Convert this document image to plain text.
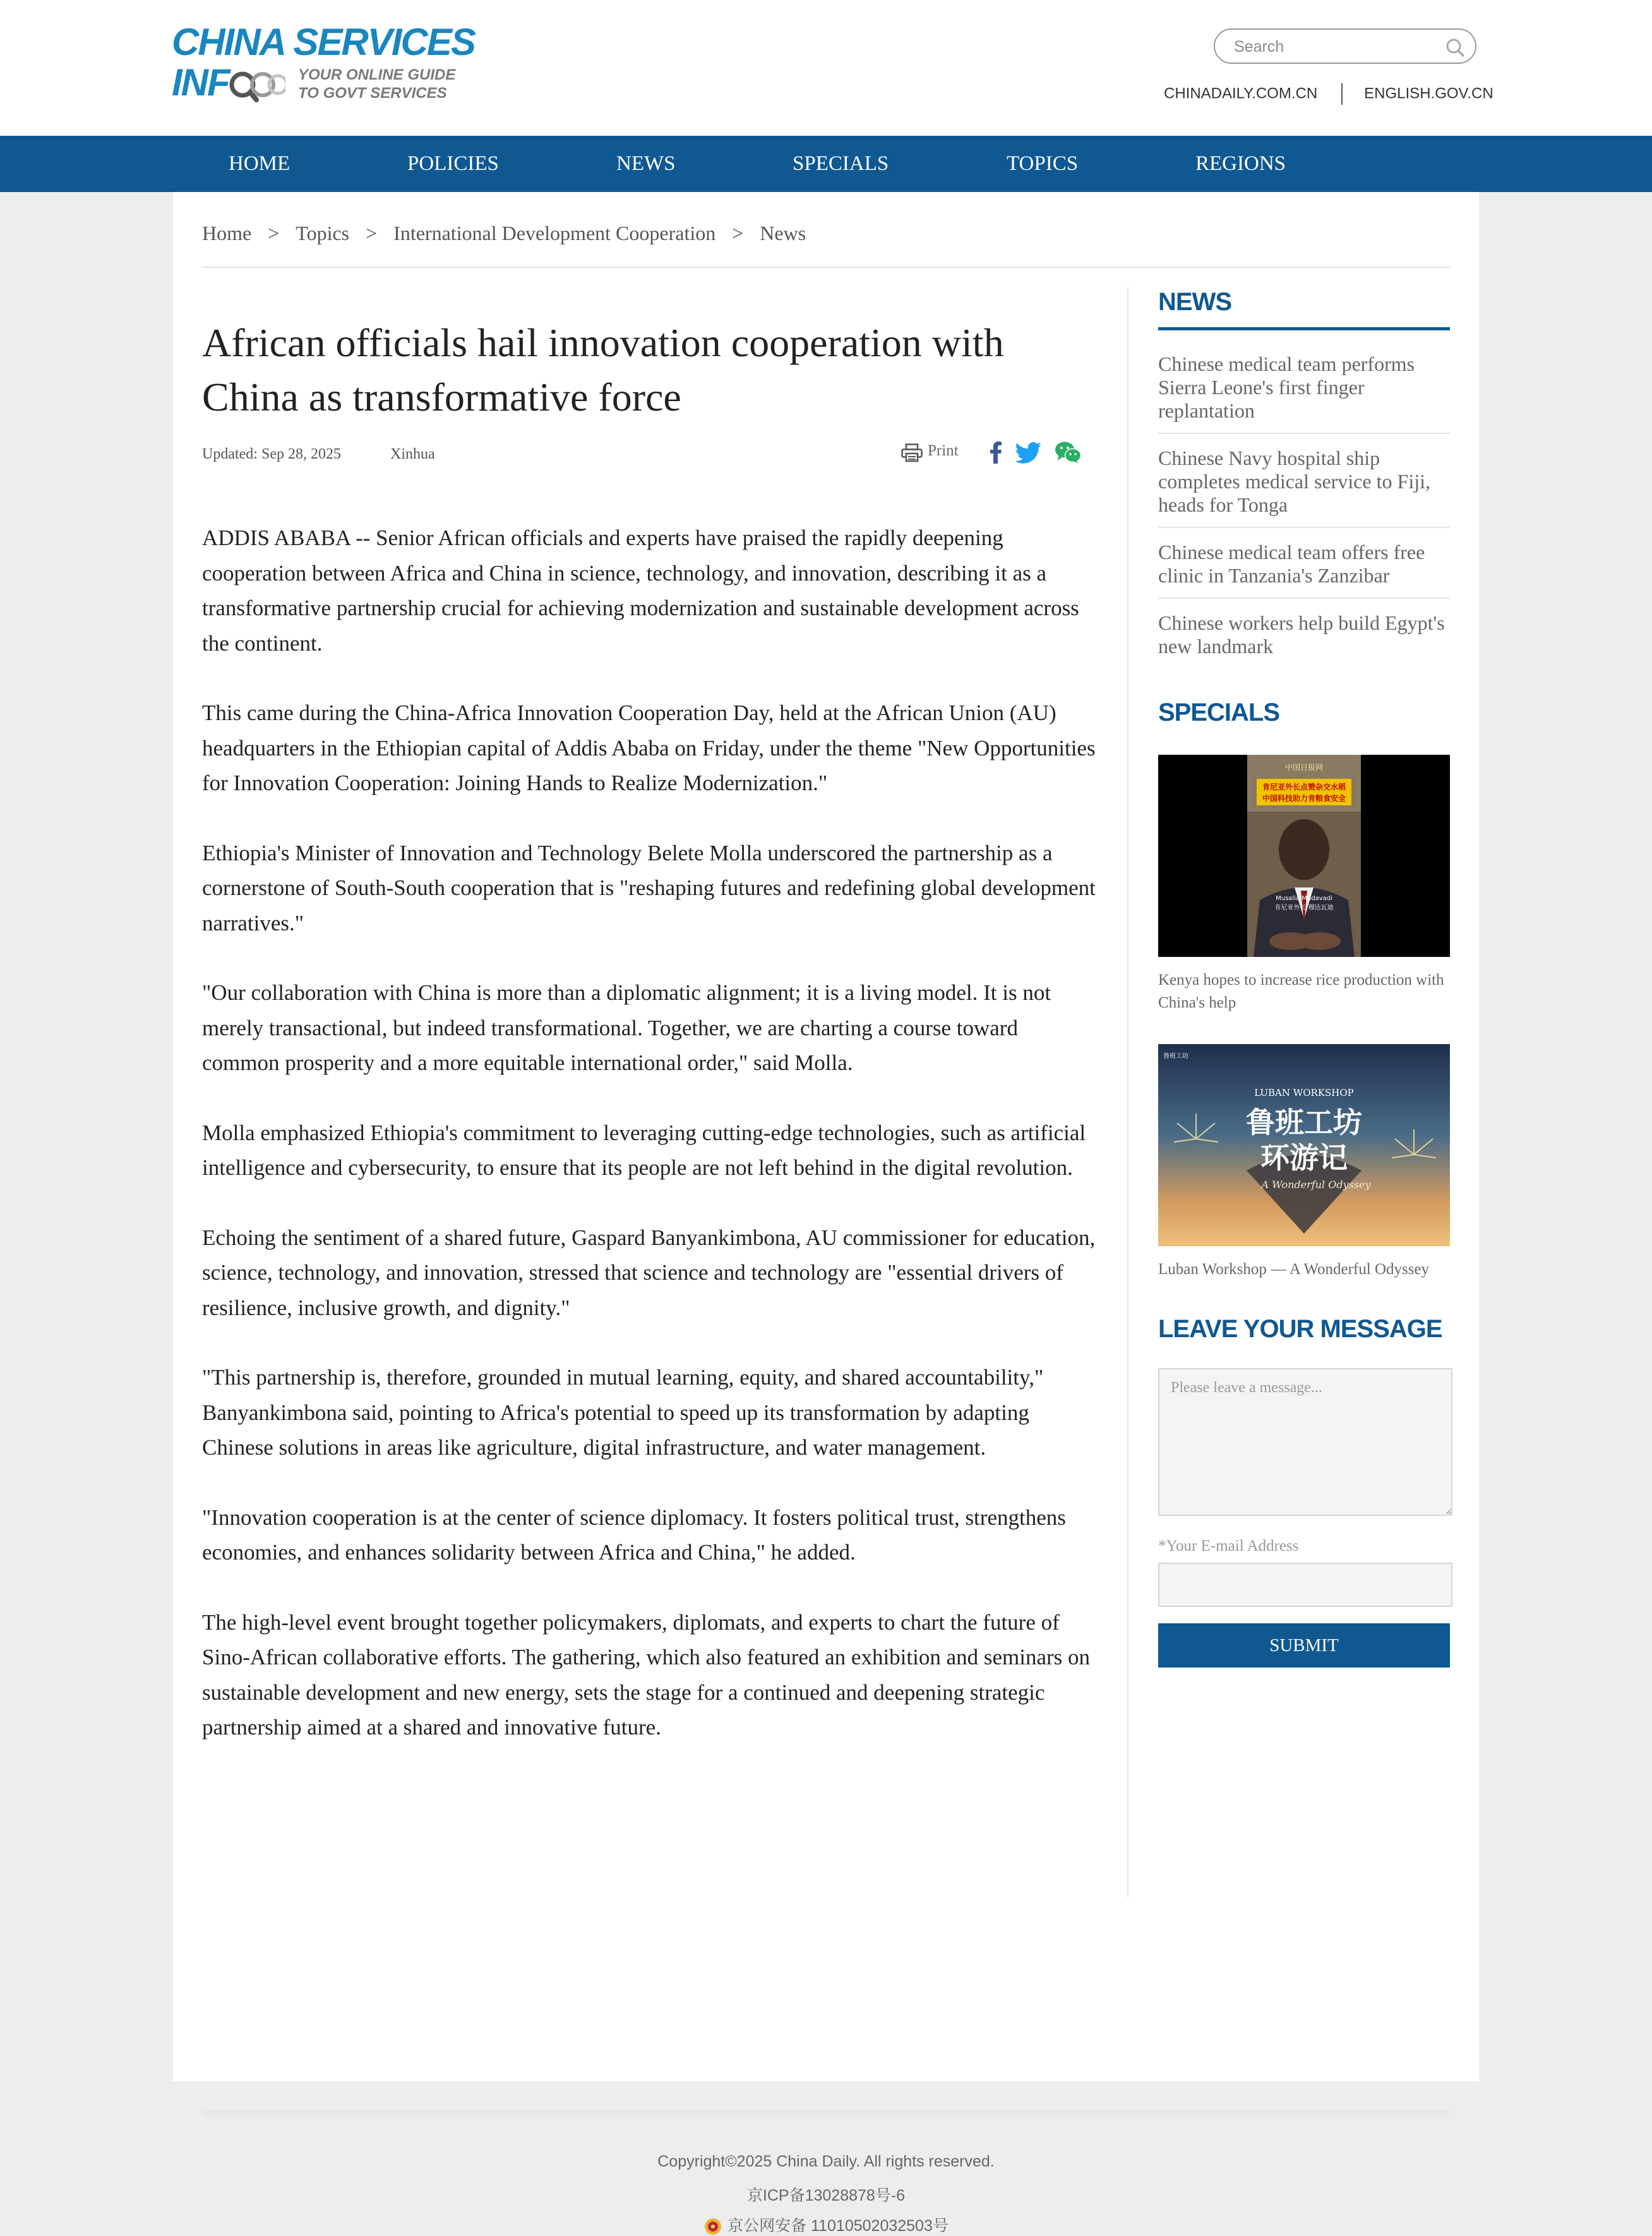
CHINA SERVICES
INF	YOUR ONLINE GUIDE
TO GOVT SERVICES
Search	CHINADAILY.COM.CN	ENGLISH.GOV.CN
HOME	POLICIES	NEWS	SPECIALS	TOPICS	REGIONS
Home > Topics > International Development Cooperation > News
African officials hail innovation cooperation with China as transformative force
Updated: Sep 28, 2025	Xinhua	Print

ADDIS ABABA -- Senior African officials and experts have praised the rapidly deepening cooperation between Africa and China in science, technology, and innovation, describing it as a transformative partnership crucial for achieving modernization and sustainable development across the continent.

This came during the China-Africa Innovation Cooperation Day, held at the African Union (AU) headquarters in the Ethiopian capital of Addis Ababa on Friday, under the theme "New Opportunities for Innovation Cooperation: Joining Hands to Realize Modernization."

Ethiopia's Minister of Innovation and Technology Belete Molla underscored the partnership as a cornerstone of South-South cooperation that is "reshaping futures and redefining global development narratives."

"Our collaboration with China is more than a diplomatic alignment; it is a living model. It is not merely transactional, but indeed transformational. Together, we are charting a course toward common prosperity and a more equitable international order," said Molla.

Molla emphasized Ethiopia's commitment to leveraging cutting-edge technologies, such as artificial intelligence and cybersecurity, to ensure that its people are not left behind in the digital revolution.

Echoing the sentiment of a shared future, Gaspard Banyankimbona, AU commissioner for education, science, technology, and innovation, stressed that science and technology are "essential drivers of resilience, inclusive growth, and dignity."

"This partnership is, therefore, grounded in mutual learning, equity, and shared accountability," Banyankimbona said, pointing to Africa's potential to speed up its transformation by adapting Chinese solutions in areas like agriculture, digital infrastructure, and water management.

"Innovation cooperation is at the center of science diplomacy. It fosters political trust, strengthens economies, and enhances solidarity between Africa and China," he added.

The high-level event brought together policymakers, diplomats, and experts to chart the future of Sino-African collaborative efforts. The gathering, which also featured an exhibition and seminars on sustainable development and new energy, sets the stage for a continued and deepening strategic partnership aimed at a shared and innovative future.

NEWS
Chinese medical team performs Sierra Leone's first finger replantation
Chinese Navy hospital ship completes medical service to Fiji, heads for Tonga
Chinese medical team offers free clinic in Tanzania's Zanzibar
Chinese workers help build Egypt's new landmark
SPECIALS
中国日报网
肯尼亚外长点赞杂交水稻
中国科技助力肯粮食安全
Musalia Mudavadi
肯尼亚外长 穆达瓦迪
Kenya hopes to increase rice production with China's help
LUBAN WORKSHOP
鲁班工坊
环游记
A Wonderful Odyssey
鲁班工坊
Luban Workshop — A Wonderful Odyssey
LEAVE YOUR MESSAGE
Please leave a message...
*Your E-mail Address
SUBMIT
Copyright©2025 China Daily. All rights reserved.
京ICP备13028878号-6
京公网安备 11010502032503号
